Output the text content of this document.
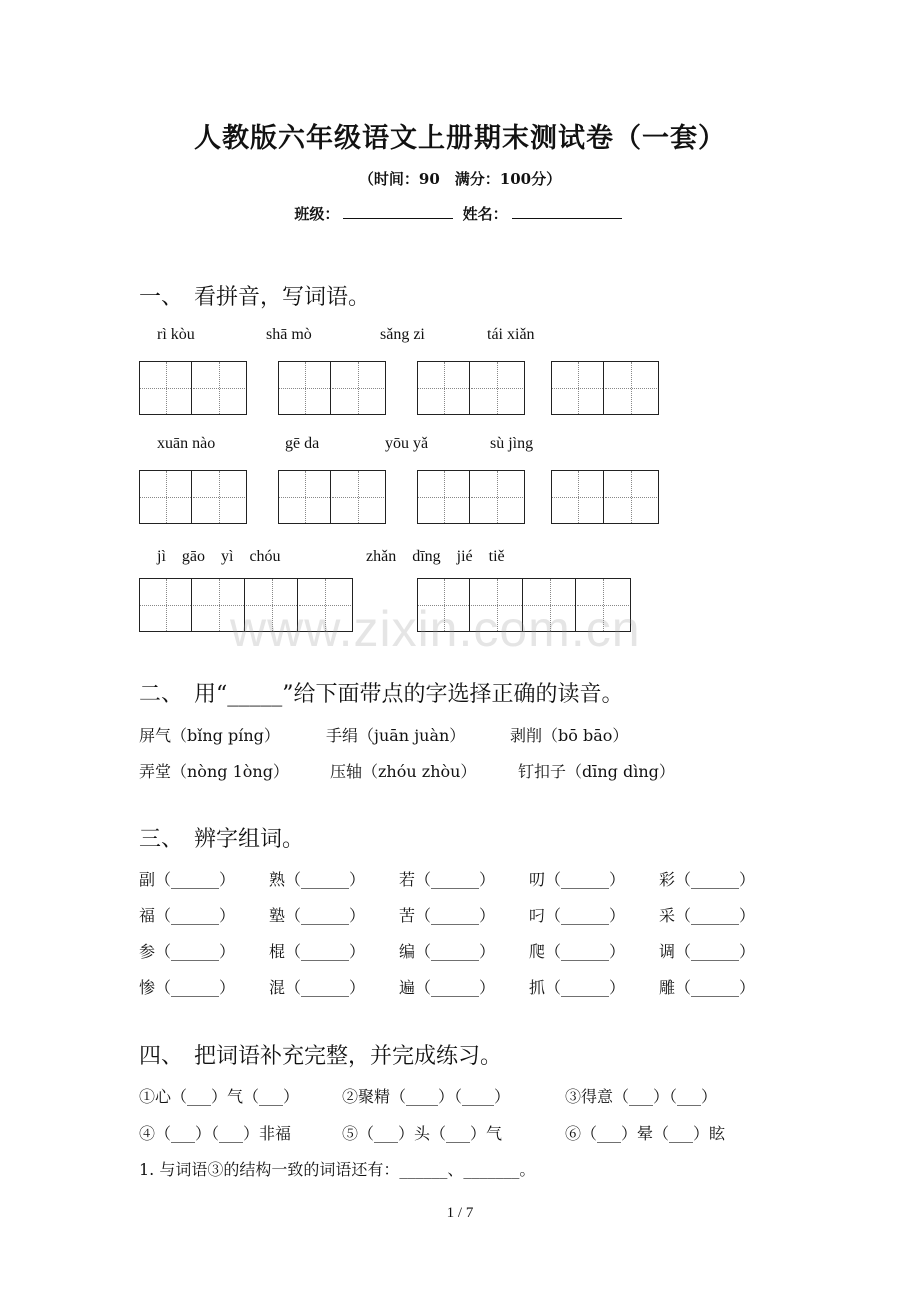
人教版六年级语文上册期末测试卷（一套）
（时间：90　满分：100分）
班级：	姓名：
一、　看拼音，写词语。
rì kòu	shā mò	sǎng zi	tái xiǎn
xuān nào	gē da	yōu yǎ	sù jìng
jì　gāo　yì　chóu	zhǎn　dīng　jié　tiě
www.zixin.com.cn
二、　用“_____”给下面带点的字选择正确的读音。
屏气（bǐng píng）	手绢（juān juàn）	剥削（bō bāo）
弄堂（nòng 1òng）	压轴（zhóu zhòu）	钉扣子（dīng dìng）
三、　辨字组词。
副（______） 熟（______） 若（______） 叨（______） 彩（______）
福（______） 塾（______） 苦（______） 叼（______） 采（______）
参（______） 棍（______） 编（______） 爬（______） 调（______）
惨（______） 混（______） 遍（______） 抓（______） 雕（______）
四、　把词语补充完整，并完成练习。
①心（___）气（___）	②聚精（____）（____）	③得意（___）（___）
④（___）（___）非福	⑤（___）头（___）气	⑥（___）晕（___）眩
1. 与词语③的结构一致的词语还有：______、_______。
1 / 7
